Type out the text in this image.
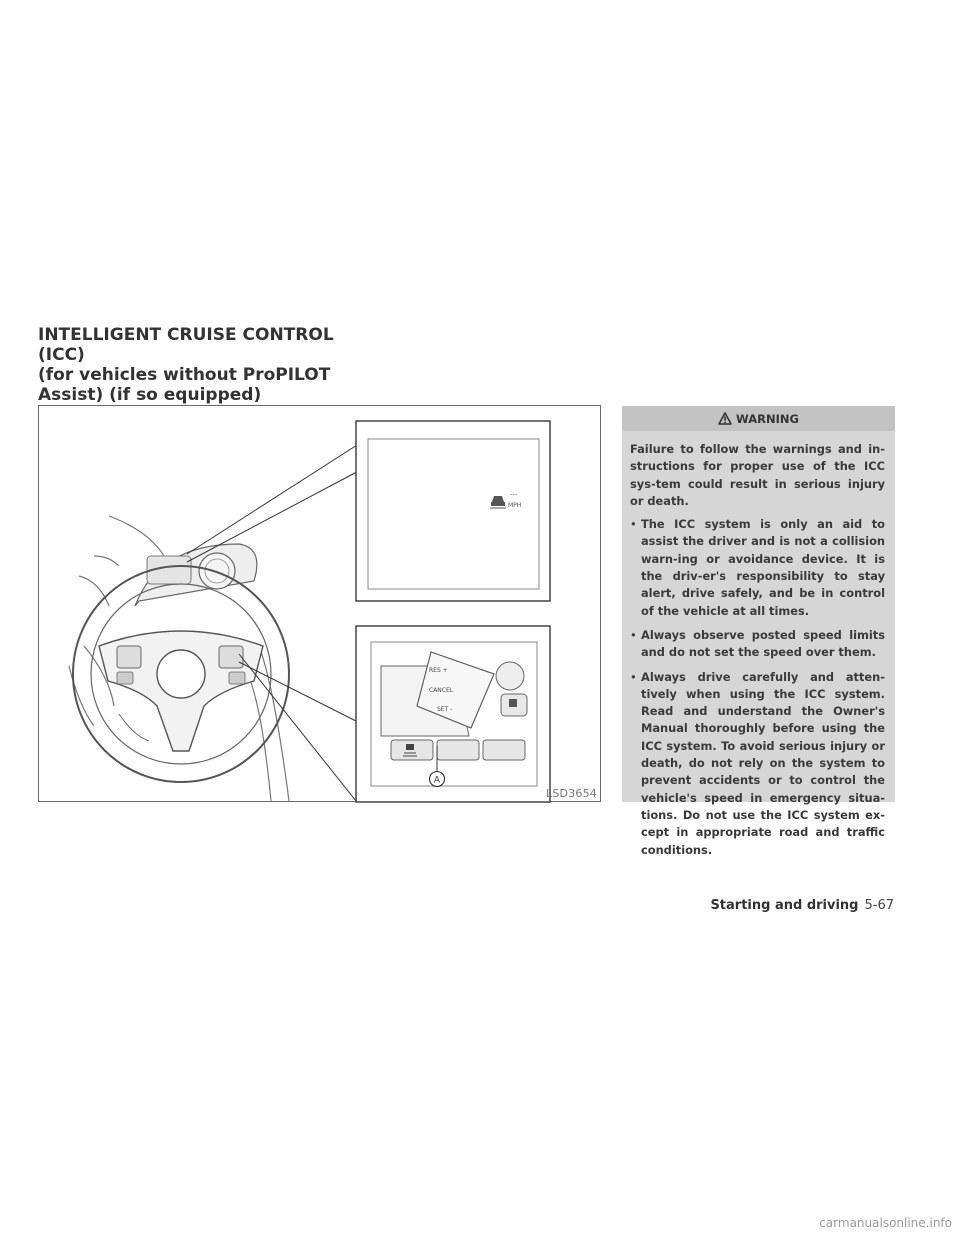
INTELLIGENT CRUISE CONTROL (ICC)
(for vehicles without ProPILOT
Assist) (if so equipped)
---
MPH
RES +
CANCEL
SET -
A
LSD3654
WARNING

Failure to follow the warnings and in-structions for proper use of the ICC sys-tem could result in serious injury or death.

• The ICC system is only an aid to assist the driver and is not a collision warn-ing or avoidance device. It is the driv-er's responsibility to stay alert, drive safely, and be in control of the vehicle at all times.
• Always observe posted speed limits and do not set the speed over them.
• Always drive carefully and atten-tively when using the ICC system. Read and understand the Owner's Manual thoroughly before using the ICC system. To avoid serious injury or death, do not rely on the system to prevent accidents or to control the vehicle's speed in emergency situa-tions. Do not use the ICC system ex-cept in appropriate road and traffic conditions.
Starting and driving 5-67
carmanualsonline.info
